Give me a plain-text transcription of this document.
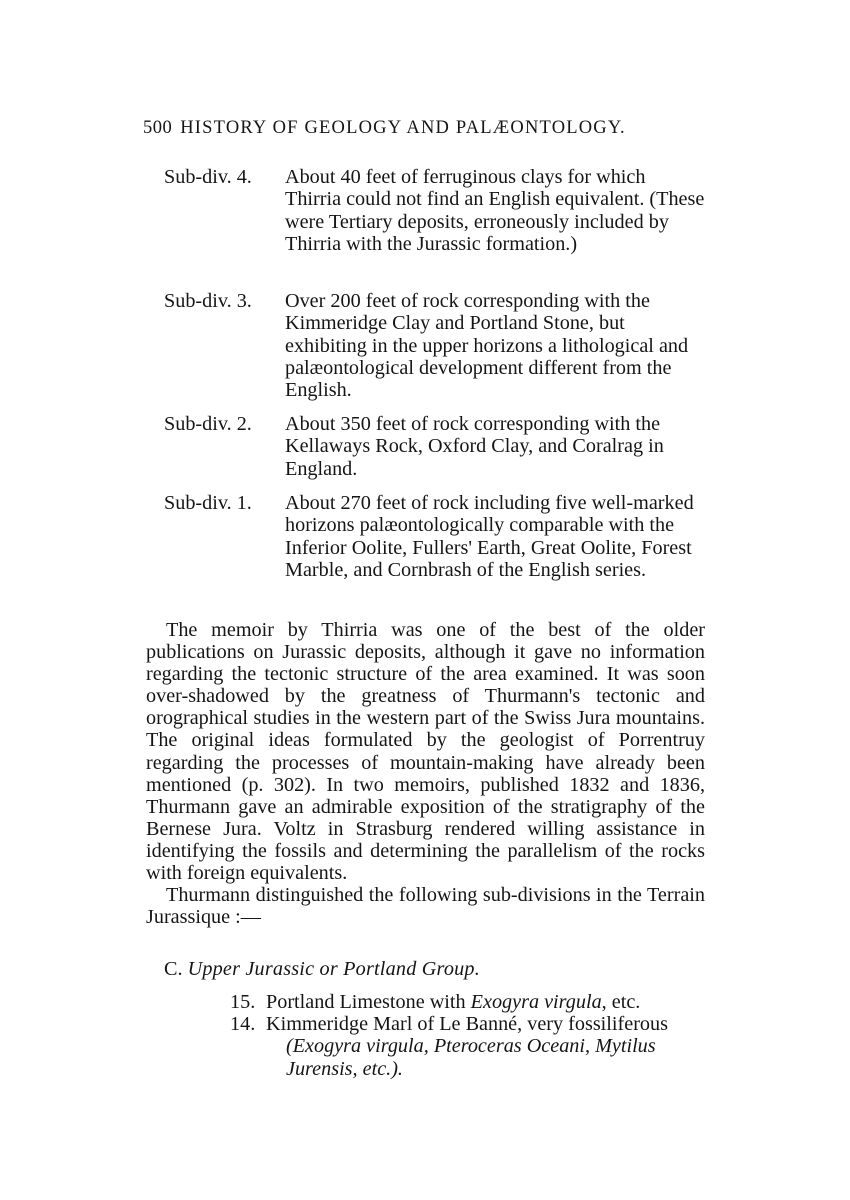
500 HISTORY OF GEOLOGY AND PALÆONTOLOGY.
Sub-div. 4. About 40 feet of ferruginous clays for which Thirria could not find an English equivalent. (These were Tertiary deposits, erroneously included by Thirria with the Jurassic formation.)
Sub-div. 3. Over 200 feet of rock corresponding with the Kimmeridge Clay and Portland Stone, but exhibiting in the upper horizons a lithological and palæontological development different from the English.
Sub-div. 2. About 350 feet of rock corresponding with the Kellaways Rock, Oxford Clay, and Coralrag in England.
Sub-div. 1. About 270 feet of rock including five well-marked horizons palæontologically comparable with the Inferior Oolite, Fullers' Earth, Great Oolite, Forest Marble, and Cornbrash of the English series.

The memoir by Thirria was one of the best of the older publications on Jurassic deposits, although it gave no information regarding the tectonic structure of the area examined. It was soon over-shadowed by the greatness of Thurmann's tectonic and orographical studies in the western part of the Swiss Jura mountains. The original ideas formulated by the geologist of Porrentruy regarding the processes of mountain-making have already been mentioned (p. 302). In two memoirs, published 1832 and 1836, Thurmann gave an admirable exposition of the stratigraphy of the Bernese Jura. Voltz in Strasburg rendered willing assistance in identifying the fossils and determining the parallelism of the rocks with foreign equivalents.

Thurmann distinguished the following sub-divisions in the Terrain Jurassique :—

C. Upper Jurassic or Portland Group.
15. Portland Limestone with Exogyra virgula, etc.
14. Kimmeridge Marl of Le Banné, very fossiliferous
(Exogyra virgula, Pteroceras Oceani, Mytilus Jurensis, etc.).
